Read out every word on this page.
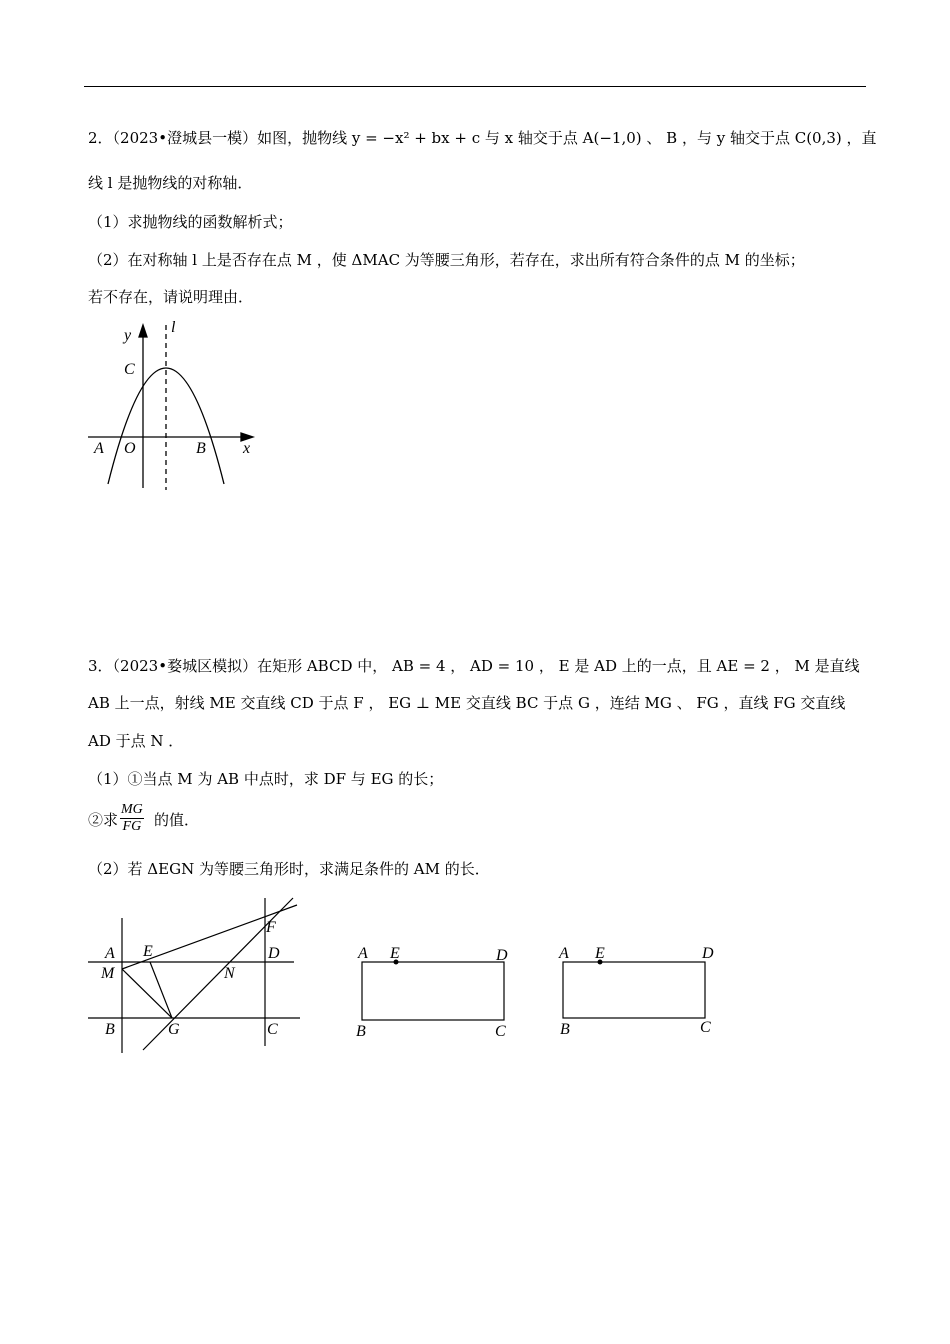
2．（2023•澄城县一模）如图，抛物线 y = −x² + bx + c 与 x 轴交于点 A(−1,0) 、 B ，与 y 轴交于点 C(0,3) ，直
线 l 是抛物线的对称轴．
（1）求抛物线的函数解析式；
（2）在对称轴 l 上是否存在点 M ，使 ΔMAC 为等腰三角形，若存在，求出所有符合条件的点 M 的坐标；
若不存在，请说明理由．
3．（2023•婺城区模拟）在矩形 ABCD 中， AB = 4 ， AD = 10 ， E 是 AD 上的一点，且 AE = 2 ， M 是直线
AB 上一点，射线 ME 交直线 CD 于点 F ， EG ⊥ ME 交直线 BC 于点 G ，连结 MG 、 FG ，直线 FG 交直线
AD 于点 N ．
（1）①当点 M 为 AB 中点时，求 DF 与 EG 的长；
②求 $\frac{MG}{FG}$ 的值．
（2）若 ΔEGN 为等腰三角形时，求满足条件的 AM 的长．
y l
C
A O	B x
A E	D
F
M	N
B	G	C
A E	D
B	C
A E	D
B	C
